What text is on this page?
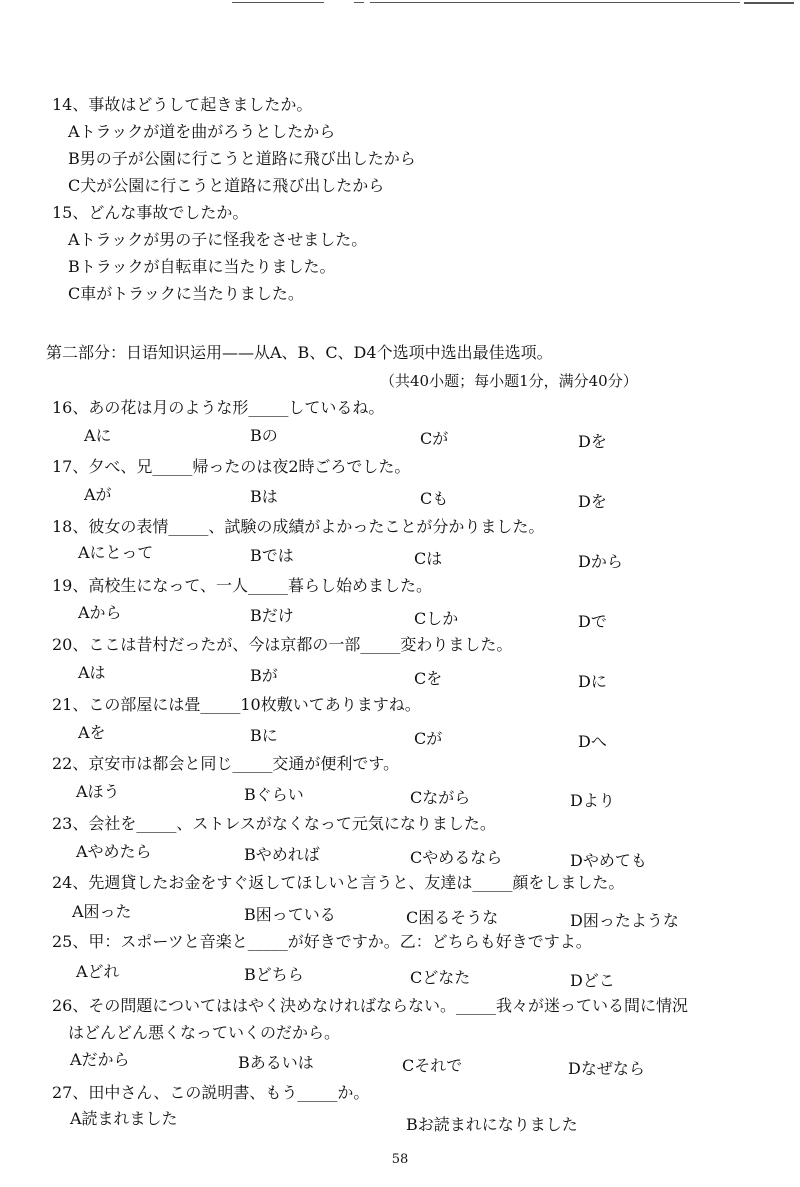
14、事故はどうして起きましたか。
Aトラックが道を曲がろうとしたから
B男の子が公園に行こうと道路に飛び出したから
C犬が公園に行こうと道路に飛び出したから
15、どんな事故でしたか。
Aトラックが男の子に怪我をさせました。
Bトラックが自転車に当たりました。
C車がトラックに当たりました。
第二部分：日语知识运用——从A、B、C、D4个选项中选出最佳选项。
（共40小题；每小题1分，满分40分）
16、あの花は月のような形_____しているね。
Aに	Bの	Cが	Dを
17、夕べ、兄_____帰ったのは夜2時ごろでした。
Aが	Bは	Cも	Dを
18、彼女の表情_____、試験の成績がよかったことが分かりました。
Aにとって	Bでは	Cは	Dから
19、高校生になって、一人_____暮らし始めました。
Aから	Bだけ	Cしか	Dで
20、ここは昔村だったが、今は京都の一部_____変わりました。
Aは	Bが	Cを	Dに
21、この部屋には畳_____10枚敷いてありますね。
Aを	Bに	Cが	Dへ
22、京安市は都会と同じ_____交通が便利です。
Aほう	Bぐらい	Cながら	Dより
23、会社を_____、ストレスがなくなって元気になりました。
Aやめたら	Bやめれば	Cやめるなら	Dやめても
24、先週貸したお金をすぐ返してほしいと言うと、友達は_____顔をしました。
A困った	B困っている	C困るそうな	D困ったような
25、甲：スポーツと音楽と_____が好きですか。乙：どちらも好きですよ。
Aどれ	Bどちら	Cどなた	Dどこ
26、その問題についてははやく決めなければならない。_____我々が迷っている間に情況
はどんどん悪くなっていくのだから。
Aだから	Bあるいは	Cそれで	Dなぜなら
27、田中さん、この説明書、もう_____か。
A読まれました	Bお読まれになりました
58
